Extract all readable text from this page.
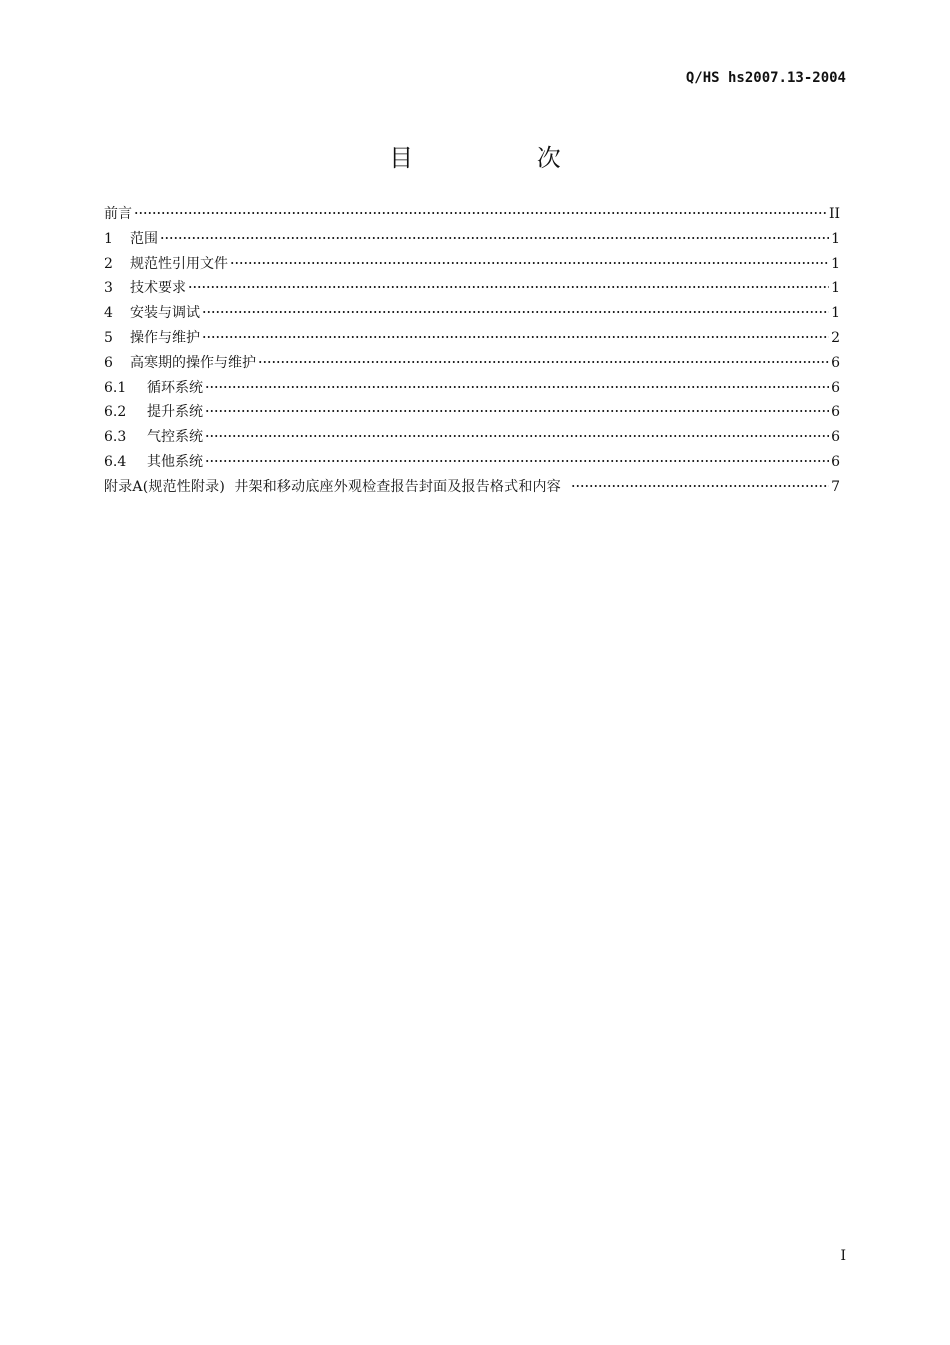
Q/HS hs2007.13-2004
目 次
前言	II
1	范围	1
2	规范性引用文件	1
3	技术要求	1
4	安装与调试	1
5	操作与维护	2
6	高寒期的操作与维护	6
6.1	循环系统	6
6.2	提升系统	6
6.3	气控系统	6
6.4	其他系统	6
附录A(规范性附录)  井架和移动底座外观检查报告封面及报告格式和内容	7
I
